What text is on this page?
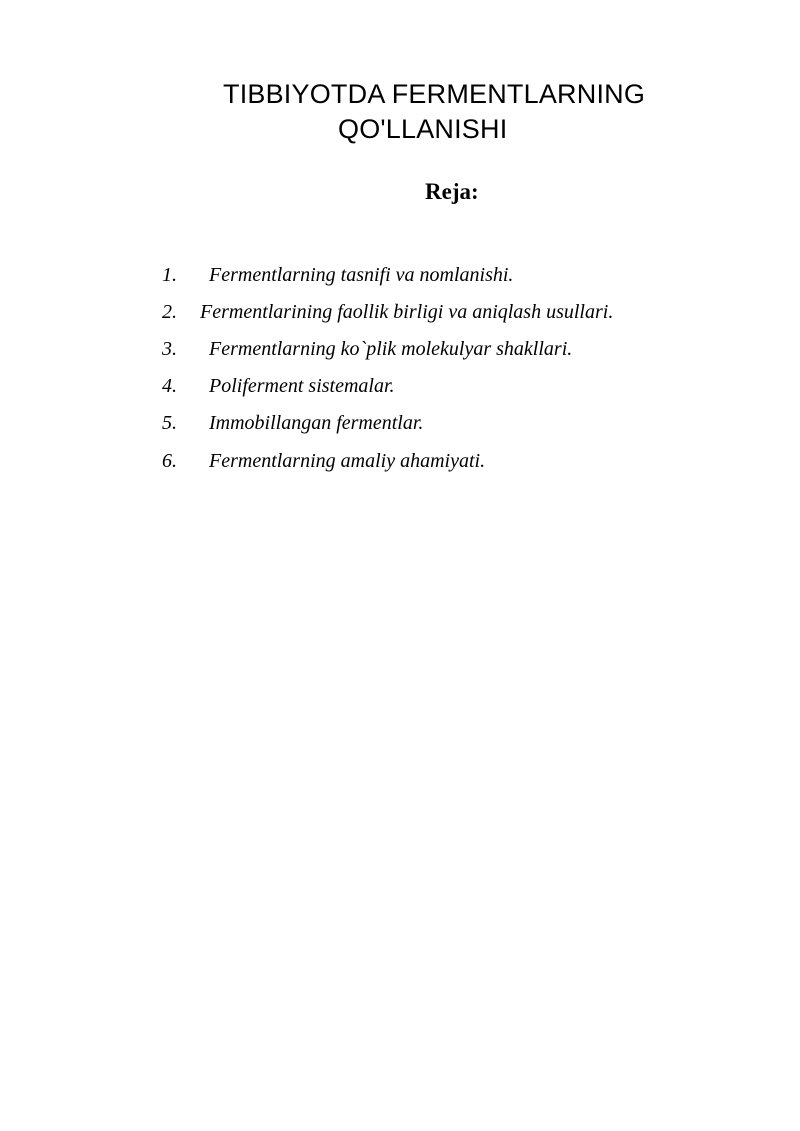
TIBBIYOTDA FERMENTLARNING
QO'LLANISHI
Reja:
1. Fermentlarning tasnifi va nomlanishi.
2. Fermentlarining faollik birligi va aniqlash usullari.
3. Fermentlarning ko`plik molekulyar shakllari.
4. Poliferment sistemalar.
5. Immobillangan fermentlar.
6. Fermentlarning amaliy ahamiyati.
